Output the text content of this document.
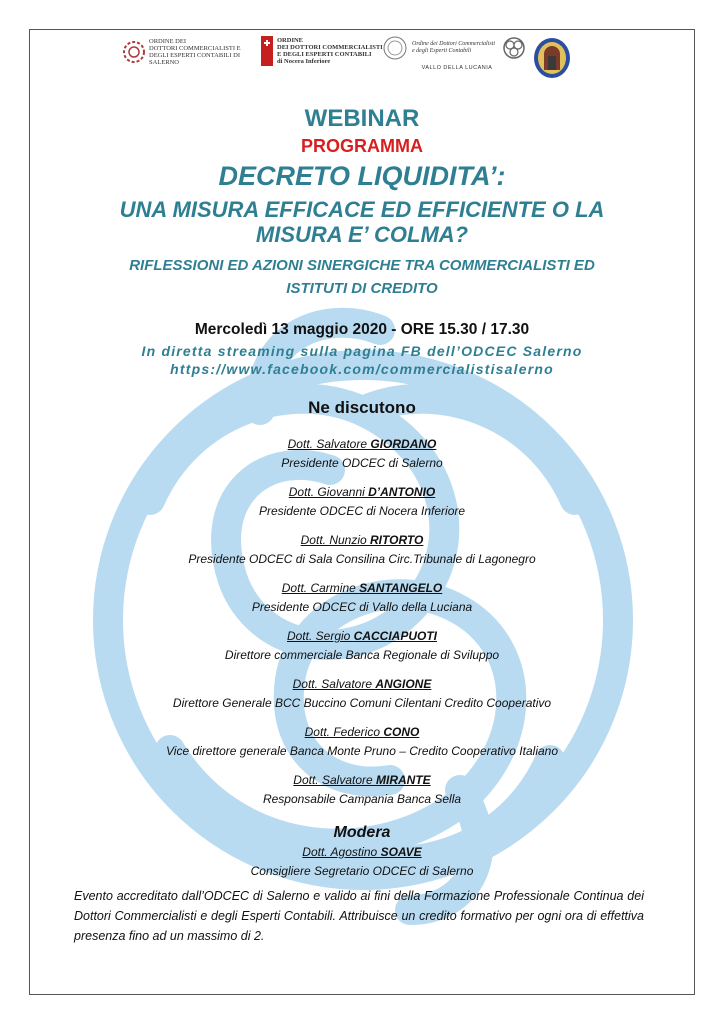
ORDINE DEI
DOTTORI COMMERCIALISTI E
DEGLI ESPERTI CONTABILI DI
SALERNO
ORDINE
DEI DOTTORI COMMERCIALISTI
E DEGLI ESPERTI CONTABILI
di Nocera Inferiore
Ordine dei Dottori Commercialisti
e degli Esperti Contabili
VALLO DELLA LUCANIA
WEBINAR
PROGRAMMA
DECRETO LIQUIDITA’:
UNA MISURA EFFICACE ED EFFICIENTE O LA
MISURA E’ COLMA?
RIFLESSIONI ED AZIONI SINERGICHE TRA COMMERCIALISTI ED
ISTITUTI DI CREDITO
Mercoledì 13 maggio 2020 - ORE 15.30 / 17.30
In diretta streaming sulla pagina FB dell’ODCEC Salerno
https://www.facebook.com/commercialistisalerno
Ne discutono
Dott. Salvatore GIORDANO
Presidente ODCEC di Salerno
Dott. Giovanni D’ANTONIO
Presidente ODCEC di Nocera Inferiore
Dott. Nunzio RITORTO
Presidente ODCEC di Sala Consilina Circ.Tribunale di Lagonegro
Dott. Carmine SANTANGELO
Presidente ODCEC di Vallo della Luciana
Dott. Sergio CACCIAPUOTI
Direttore commerciale Banca Regionale di Sviluppo
Dott. Salvatore ANGIONE
Direttore Generale BCC Buccino Comuni Cilentani Credito Cooperativo
Dott. Federico CONO
Vice direttore generale Banca Monte Pruno – Credito Cooperativo Italiano
Dott. Salvatore MIRANTE
Responsabile Campania Banca Sella
Modera
Dott. Agostino SOAVE
Consigliere Segretario ODCEC di Salerno
Evento accreditato dall’ODCEC di Salerno e valido ai fini della Formazione Professionale Continua dei Dottori Commercialisti e degli Esperti Contabili. Attribuisce un credito formativo per ogni ora di effettiva presenza fino ad un massimo di 2.
